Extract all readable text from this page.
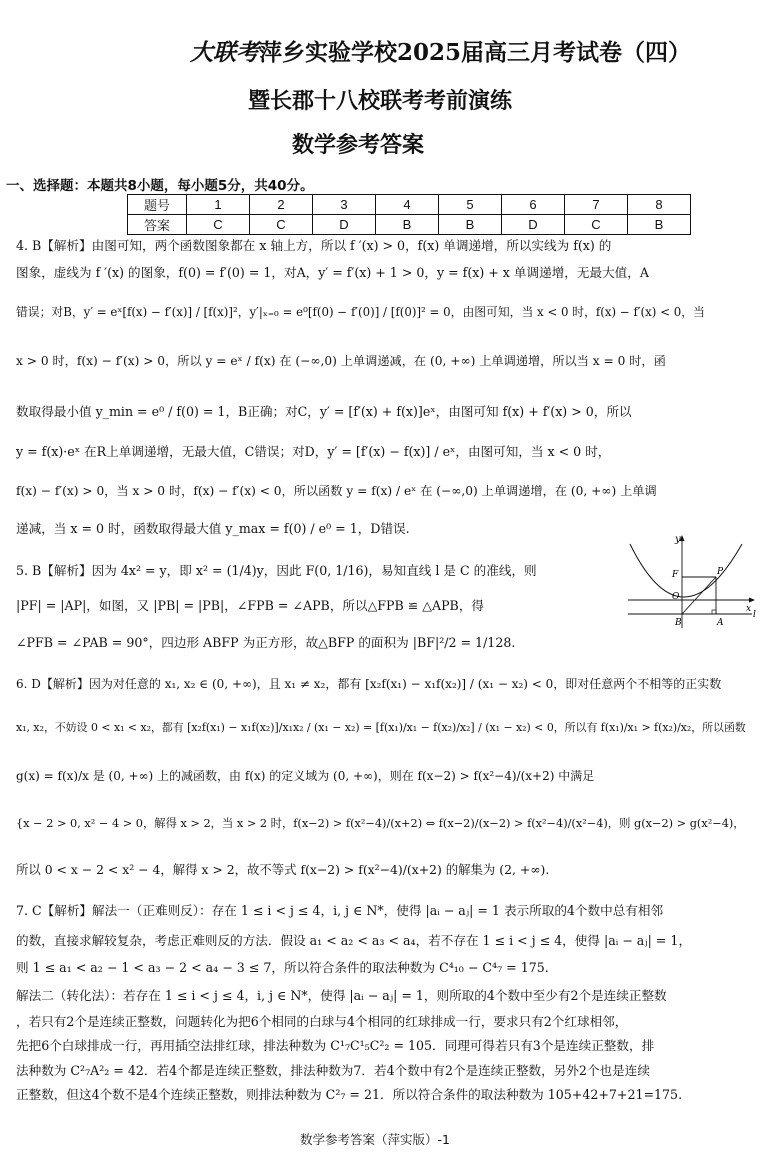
大联考萍乡实验学校2025届高三月考试卷（四）
暨长郡十八校联考考前演练
数学参考答案
一、选择题：本题共8小题，每小题5分，共40分。
题号	1	2	3	4	5	6	7	8
答案	C	C	D	B	B	D	C	B
4. B【解析】由图可知，两个函数图象都在 x 轴上方，所以 f ′(x) > 0，f(x) 单调递增，所以实线为 f(x) 的
图象，虚线为 f ′(x) 的图象，f(0) = f′(0) = 1，对A，y′ = f′(x) + 1 > 0，y = f(x) + x 单调递增，无最大值，A
错误；对B，y′ = eˣ[f(x) − f′(x)] / [f(x)]²，y′|ₓ₌₀ = e⁰[f(0) − f′(0)] / [f(0)]² = 0，由图可知，当 x < 0 时，f(x) − f′(x) < 0，当
x > 0 时，f(x) − f′(x) > 0，所以 y = eˣ / f(x) 在 (−∞,0) 上单调递减，在 (0, +∞) 上单调递增，所以当 x = 0 时，函
数取得最小值 y_min = e⁰ / f(0) = 1，B正确；对C，y′ = [f′(x) + f(x)]eˣ，由图可知 f(x) + f′(x) > 0，所以
y = f(x)·eˣ 在R上单调递增，无最大值，C错误；对D，y′ = [f′(x) − f(x)] / eˣ，由图可知，当 x < 0 时，
f(x) − f′(x) > 0，当 x > 0 时，f(x) − f′(x) < 0，所以函数 y = f(x) / eˣ 在 (−∞,0) 上单调递增，在 (0, +∞) 上单调
递减，当 x = 0 时，函数取得最大值 y_max = f(0) / e⁰ = 1，D错误.
5. B【解析】因为 4x² = y，即 x² = (1/4)y，因此 F(0, 1/16)，易知直线 l 是 C 的准线，则
|PF| = |AP|，如图，又 |PB| = |PB|，∠FPB = ∠APB，所以△FPB ≌ △APB，得
∠PFB = ∠PAB = 90°，四边形 ABFP 为正方形，故△BFP 的面积为 |BF|²/2 = 1/128.
6. D【解析】因为对任意的 x₁, x₂ ∈ (0, +∞)，且 x₁ ≠ x₂，都有 [x₂f(x₁) − x₁f(x₂)] / (x₁ − x₂) < 0，即对任意两个不相等的正实数
x₁, x₂，不妨设 0 < x₁ < x₂，都有 [x₂f(x₁) − x₁f(x₂)]/x₁x₂ / (x₁ − x₂) = [f(x₁)/x₁ − f(x₂)/x₂] / (x₁ − x₂) < 0，所以有 f(x₁)/x₁ > f(x₂)/x₂，所以函数
g(x) = f(x)/x 是 (0, +∞) 上的减函数，由 f(x) 的定义域为 (0, +∞)，则在 f(x−2) > f(x²−4)/(x+2) 中满足
{x − 2 > 0, x² − 4 > 0，解得 x > 2，当 x > 2 时，f(x−2) > f(x²−4)/(x+2) ⇔ f(x−2)/(x−2) > f(x²−4)/(x²−4)，则 g(x−2) > g(x²−4)，
所以 0 < x − 2 < x² − 4，解得 x > 2，故不等式 f(x−2) > f(x²−4)/(x+2) 的解集为 (2, +∞).
7. C【解析】解法一（正难则反）：存在 1 ≤ i < j ≤ 4，i, j ∈ N*，使得 |aᵢ − aⱼ| = 1 表示所取的4个数中总有相邻
的数，直接求解较复杂，考虑正难则反的方法．假设 a₁ < a₂ < a₃ < a₄，若不存在 1 ≤ i < j ≤ 4，使得 |aᵢ − aⱼ| = 1，
则 1 ≤ a₁ < a₂ − 1 < a₃ − 2 < a₄ − 3 ≤ 7，所以符合条件的取法种数为 C⁴₁₀ − C⁴₇ = 175.
解法二（转化法）：若存在 1 ≤ i < j ≤ 4，i, j ∈ N*，使得 |aᵢ − aⱼ| = 1，则所取的4个数中至少有2个是连续正整数
，若只有2个是连续正整数，问题转化为把6个相同的白球与4个相同的红球排成一行，要求只有2个红球相邻，
先把6个白球排成一行，再用插空法排红球，排法种数为 C¹₇C¹₅C²₂ = 105．同理可得若只有3个是连续正整数，排
法种数为 C²₇A²₂ = 42．若4个都是连续正整数，排法种数为7．若4个数中有2个是连续正整数，另外2个也是连续
正整数，但这4个数不是4个连续正整数，则排法种数为 C²₇ = 21．所以符合条件的取法种数为 105+42+7+21=175.
y
F	P
O
x
B	A
l
数学参考答案（萍实版）-1
